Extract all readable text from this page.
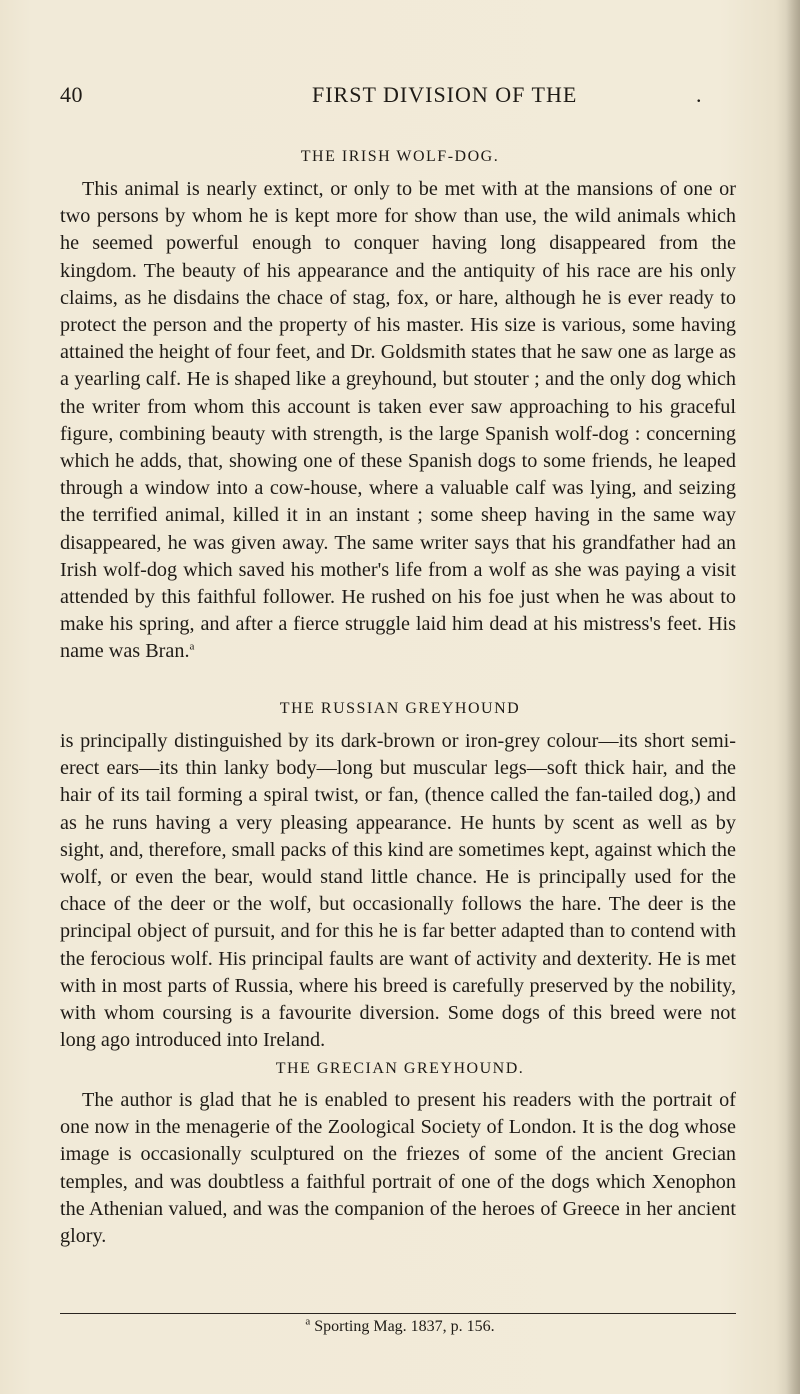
40	FIRST DIVISION OF THE	.
THE IRISH WOLF-DOG.
This animal is nearly extinct, or only to be met with at the mansions of one or two persons by whom he is kept more for show than use, the wild animals which he seemed powerful enough to conquer having long disappeared from the kingdom. The beauty of his appearance and the antiquity of his race are his only claims, as he disdains the chace of stag, fox, or hare, although he is ever ready to protect the person and the property of his master. His size is various, some having attained the height of four feet, and Dr. Goldsmith states that he saw one as large as a yearling calf. He is shaped like a greyhound, but stouter ; and the only dog which the writer from whom this account is taken ever saw approaching to his graceful figure, combining beauty with strength, is the large Spanish wolf-dog : concerning which he adds, that, showing one of these Spanish dogs to some friends, he leaped through a window into a cow-house, where a valuable calf was lying, and seizing the terrified animal, killed it in an instant ; some sheep having in the same way disappeared, he was given away. The same writer says that his grandfather had an Irish wolf-dog which saved his mother's life from a wolf as she was paying a visit attended by this faithful follower. He rushed on his foe just when he was about to make his spring, and after a fierce struggle laid him dead at his mistress's feet. His name was Bran.$^a$
THE RUSSIAN GREYHOUND
is principally distinguished by its dark-brown or iron-grey colour—its short semi-erect ears—its thin lanky body—long but muscular legs—soft thick hair, and the hair of its tail forming a spiral twist, or fan, (thence called the fan-tailed dog,) and as he runs having a very pleasing appearance. He hunts by scent as well as by sight, and, therefore, small packs of this kind are sometimes kept, against which the wolf, or even the bear, would stand little chance. He is principally used for the chace of the deer or the wolf, but occasionally follows the hare. The deer is the principal object of pursuit, and for this he is far better adapted than to contend with the ferocious wolf. His principal faults are want of activity and dexterity. He is met with in most parts of Russia, where his breed is carefully preserved by the nobility, with whom coursing is a favourite diversion. Some dogs of this breed were not long ago introduced into Ireland.
THE GRECIAN GREYHOUND.
The author is glad that he is enabled to present his readers with the portrait of one now in the menagerie of the Zoological Society of London. It is the dog whose image is occasionally sculptured on the friezes of some of the ancient Grecian temples, and was doubtless a faithful portrait of one of the dogs which Xenophon the Athenian valued, and was the companion of the heroes of Greece in her ancient glory.
$^a$ Sporting Mag. 1837, p. 156.
